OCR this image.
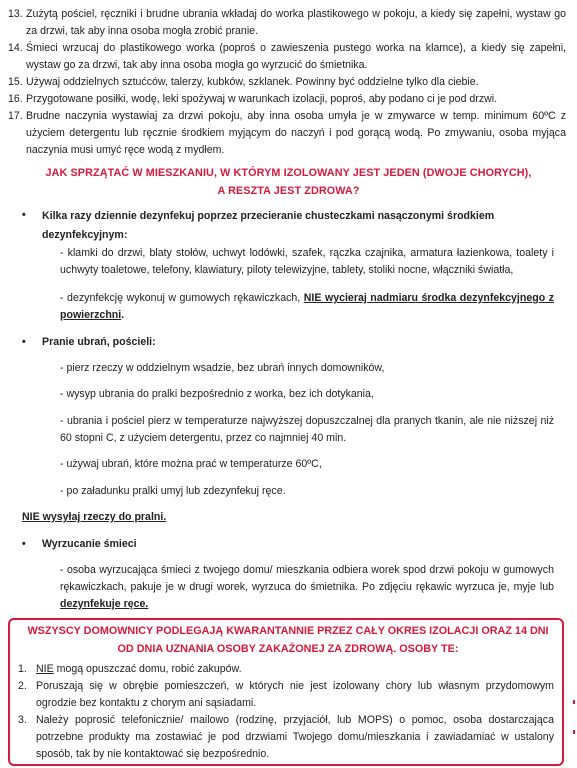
13. Zużytą pościel, ręczniki i brudne ubrania wkładaj do worka plastikowego w pokoju, a kiedy się zapełni, wystaw go za drzwi, tak aby inna osoba mogła zrobić pranie.
14. Śmieci wrzucaj do plastikowego worka (poproś o zawieszenia pustego worka na klamce), a kiedy się zapełni, wystaw go za drzwi, tak aby inna osoba mogła go wyrzucić do śmietnika.
15. Używaj oddzielnych sztućców, talerzy, kubków, szklanek. Powinny być oddzielne tylko dla ciebie.
16. Przygotowane posiłki, wodę, leki spożywaj w warunkach izolacji, poproś, aby podano ci je pod drzwi.
17. Brudne naczynia wystawiaj za drzwi pokoju, aby inna osoba umyła je w zmywarce w temp. minimum 60ºC z użyciem detergentu lub ręcznie środkiem myjącym do naczyń i pod gorącą wodą. Po zmywaniu, osoba myjąca naczynia musi umyć ręce wodą z mydłem.
JAK SPRZĄTAĆ W MIESZKANIU, W KTÓRYM IZOLOWANY JEST JEDEN (DWOJE CHORYCH),
A RESZTA JEST ZDROWA?
•	Kilka razy dziennie dezynfekuj poprzez przecieranie chusteczkami nasączonymi środkiem dezynfekcyjnym:
- klamki do drzwi, blaty stołów, uchwyt lodówki, szafek, rączka czajnika, armatura łazienkowa, toalety i uchwyty toaletowe, telefony, klawiatury, piloty telewizyjne, tablety, stoliki nocne, włączniki światła,
- dezynfekcję wykonuj w gumowych rękawiczkach, NIE wycieraj nadmiaru środka dezynfekcyjnego z powierzchni.
•	Pranie ubrań, pościeli:
- pierz rzeczy w oddzielnym wsadzie, bez ubrań innych domowników,
- wysyp ubrania do pralki bezpośrednio z worka, bez ich dotykania,
- ubrania i pościel pierz w temperaturze najwyższej dopuszczalnej dla pranych tkanin, ale nie niższej niż 60 stopni C, z użyciem detergentu, przez co najmniej 40 min.
- używaj ubrań, które można prać w temperaturze 60ºC,
- po załadunku pralki umyj lub zdezynfekuj ręce.
NIE wysyłaj rzeczy do pralni.
•	Wyrzucanie śmieci
- osoba wyrzucająca śmieci z twojego domu/ mieszkania odbiera worek spod drzwi pokoju w gumowych rękawiczkach, pakuje je w drugi worek, wyrzuca do śmietnika. Po zdjęciu rękawic wyrzuca je, myje lub dezynfekuje ręce.
WSZYSCY DOMOWNICY PODLEGAJĄ KWARANTANNIE PRZEZ CAŁY OKRES IZOLACJI ORAZ 14 DNI
OD DNIA UZNANIA OSOBY ZAKAŻONEJ ZA ZDROWĄ. OSOBY TE:
1. NIE mogą opuszczać domu, robić zakupów.
2. Poruszają się w obrębie pomieszczeń, w których nie jest izolowany chory lub własnym przydomowym ogrodzie bez kontaktu z chorym ani sąsiadami.
3. Należy poprosić telefonicznie/ mailowo (rodzinę, przyjaciół, lub MOPS) o pomoc, osoba dostarczająca potrzebne produkty ma zostawiać je pod drzwiami Twojego domu/mieszkania i zawiadamiać w ustalony sposób, tak by nie kontaktować się bezpośrednio.
